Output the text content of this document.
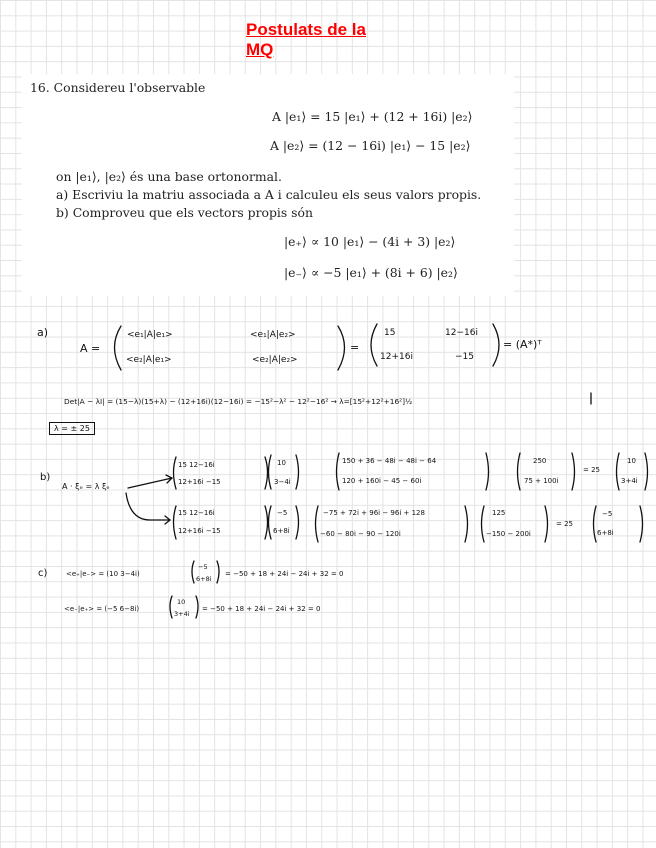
Postulats de la MQ
16. Considereu l'observable
A |e₁⟩ = 15 |e₁⟩ + (12 + 16i) |e₂⟩
A |e₂⟩ = (12 − 16i) |e₁⟩ − 15 |e₂⟩
on |e₁⟩, |e₂⟩ és una base ortonormal.
a) Escriviu la matriu associada a A i calculeu els seus valors propis.
b) Comproveu que els vectors propis són
|e₊⟩ ∝ 10 |e₁⟩ − (4i + 3) |e₂⟩
|e₋⟩ ∝ −5 |e₁⟩ + (8i + 6) |e₂⟩
a)
A =
<e₁|A|e₁>	<e₁|A|e₂>
<e₂|A|e₁>	<e₂|A|e₂>
=
15	12−16i
12+16i	−15
= (A*)ᵀ
Det|A − λI| = (15−λ)(15+λ) − (12+16i)(12−16i) = −15²−λ² − 12²−16² → λ=[15²+12²+16²]½
λ = ± 25
b)
A · ξₑ = λ ξₑ
15 12−16i
12+16i −15
10
3−4i
150 + 36 − 48i − 48i − 64
120 + 160i − 45 − 60i
250
75 + 100i
= 25
10
3+4i
15 12−16i
12+16i −15
−5
6+8i
−75 + 72i + 96i − 96i + 128
−60 − 80i − 90 − 120i
125
−150 − 200i
= 25
−5
6+8i
c)	<e₊|e₋> = (10 3−4i)
−5
6+8i
= −50 + 18 + 24i − 24i + 32 = 0
<e₋|e₊> = (−5 6−8i)
10
3+4i
= −50 + 18 + 24i − 24i + 32 = 0
